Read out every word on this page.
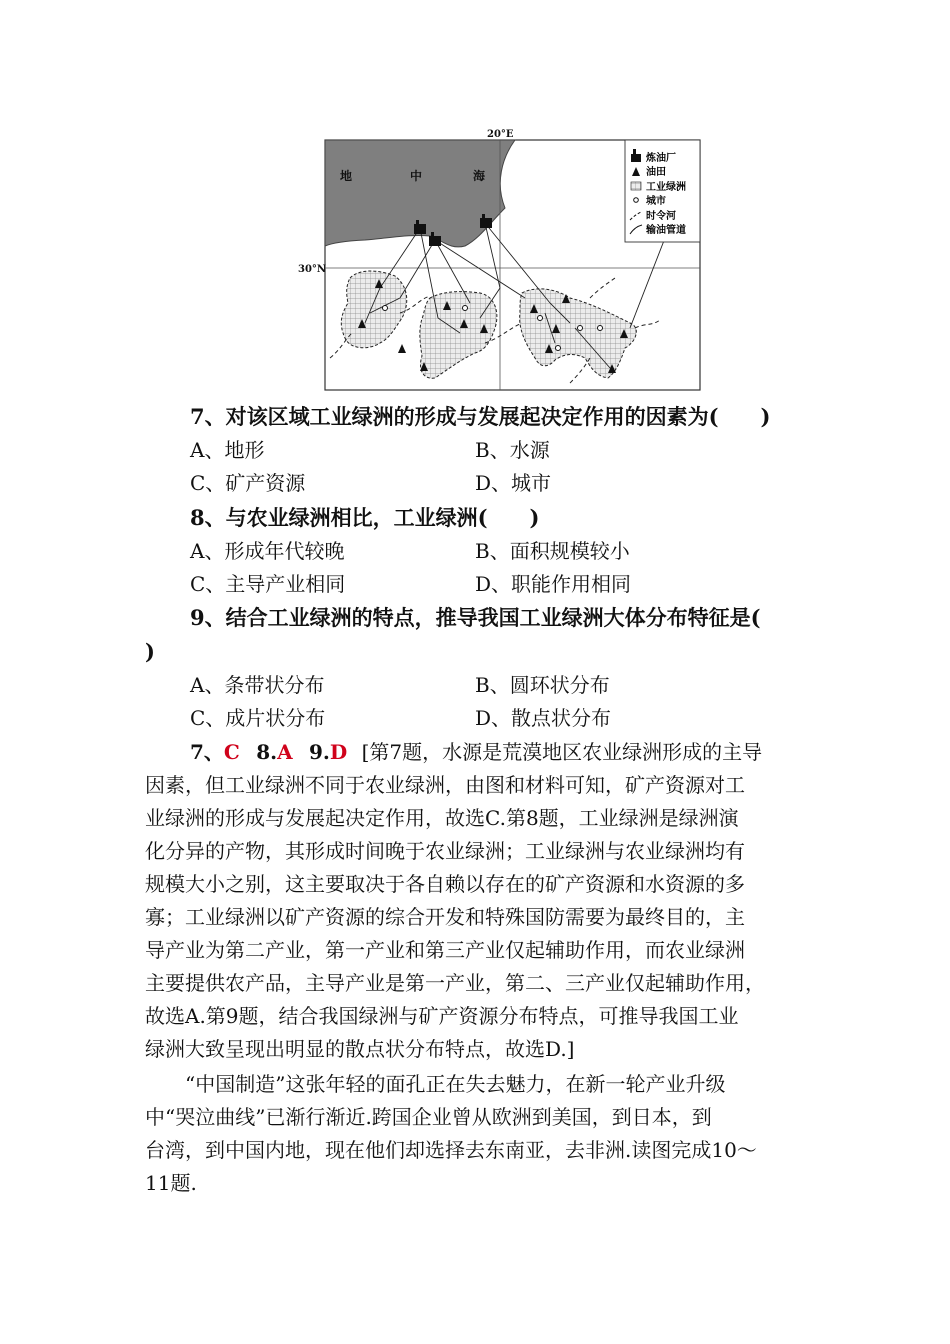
20°E
30°N
地	中	海
炼油厂
油田
工业绿洲
城市
时令河
输油管道
7、对该区域工业绿洲的形成与发展起决定作用的因素为(　　)
A、地形	B、水源
C、矿产资源	D、城市
8、与农业绿洲相比，工业绿洲(　　)
A、形成年代较晚	B、面积规模较小
C、主导产业相同	D、职能作用相同
9、结合工业绿洲的特点，推导我国工业绿洲大体分布特征是(
)
A、条带状分布	B、圆环状分布
C、成片状分布	D、散点状分布
7、C 8.A 9.D [第7题，水源是荒漠地区农业绿洲形成的主导
因素，但工业绿洲不同于农业绿洲，由图和材料可知，矿产资源对工
业绿洲的形成与发展起决定作用，故选C.第8题，工业绿洲是绿洲演
化分异的产物，其形成时间晚于农业绿洲；工业绿洲与农业绿洲均有
规模大小之别，这主要取决于各自赖以存在的矿产资源和水资源的多
寡；工业绿洲以矿产资源的综合开发和特殊国防需要为最终目的，主
导产业为第二产业，第一产业和第三产业仅起辅助作用，而农业绿洲
主要提供农产品，主导产业是第一产业，第二、三产业仅起辅助作用，
故选A.第9题，结合我国绿洲与矿产资源分布特点，可推导我国工业
绿洲大致呈现出明显的散点状分布特点，故选D.]
“中国制造”这张年轻的面孔正在失去魅力，在新一轮产业升级
中“哭泣曲线”已渐行渐近.跨国企业曾从欧洲到美国，到日本，到
台湾，到中国内地，现在他们却选择去东南亚，去非洲.读图完成10～
11题.
